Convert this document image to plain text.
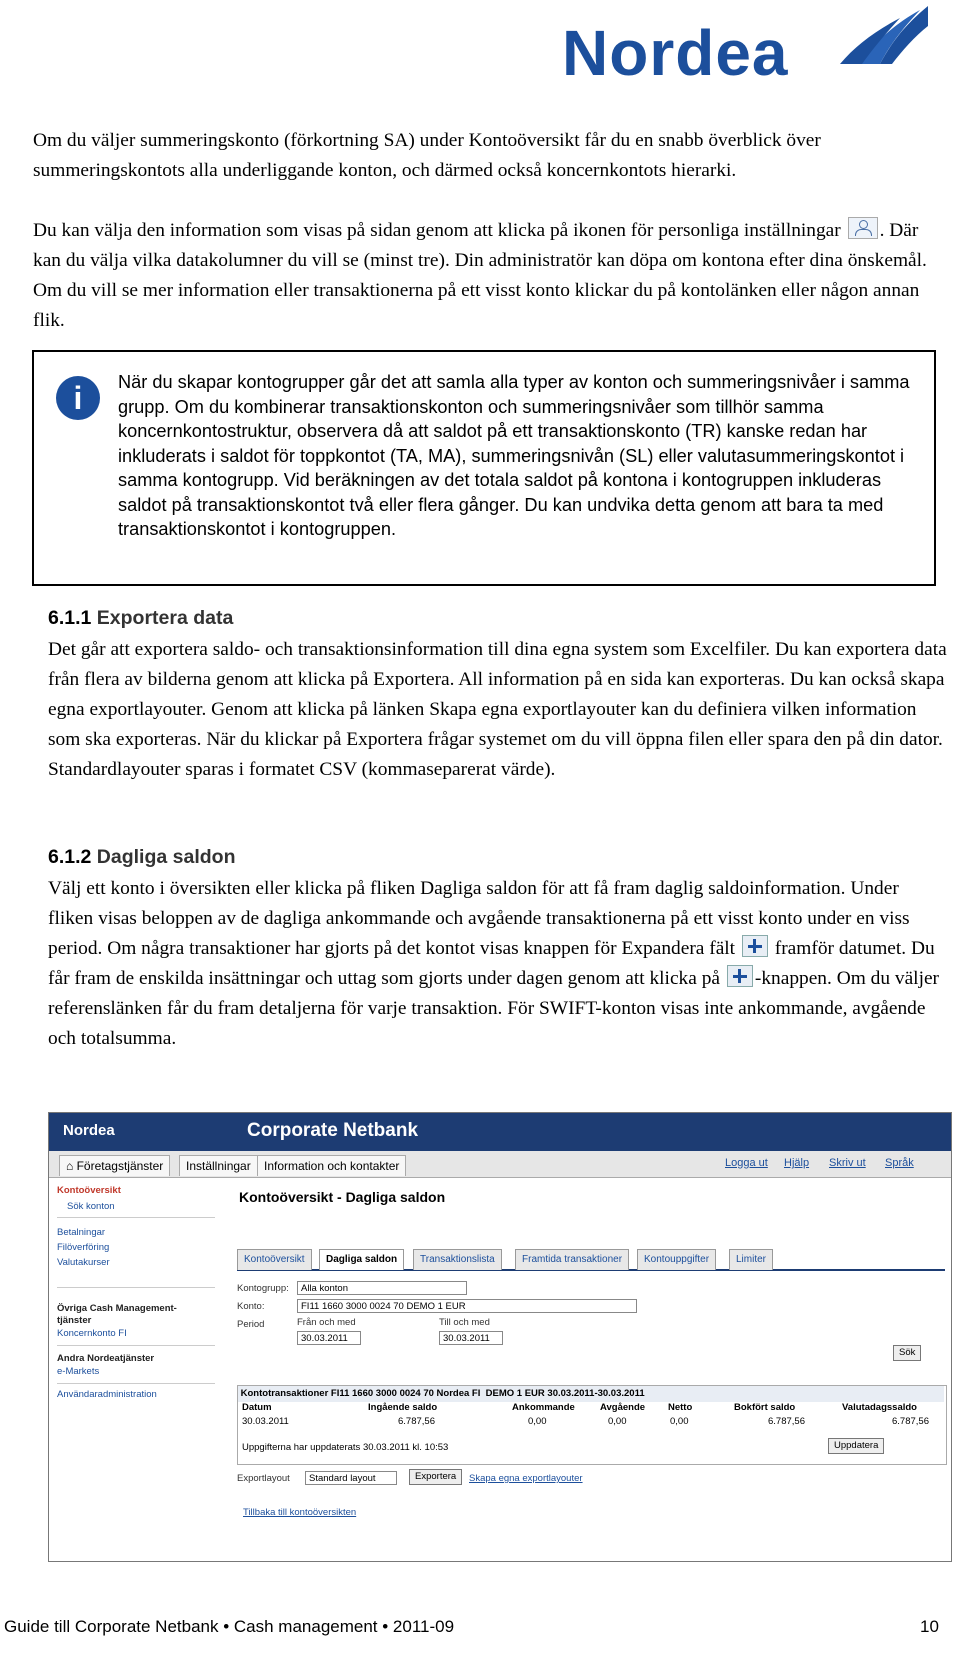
Nordea
Om du väljer summeringskonto (förkortning SA) under Kontoöversikt får du en snabb överblick över summeringskontots alla underliggande konton, och därmed också koncernkontots hierarki.
Du kan välja den information som visas på sidan genom att klicka på ikonen för personliga inställningar
. Där kan du välja vilka datakolumner du vill se (minst tre). Din administratör kan döpa om kontona efter dina önskemål. Om du vill se mer information eller transaktionerna på ett visst konto klickar du på kontolänken eller någon annan flik.
i	När du skapar kontogrupper går det att samla alla typer av konton och summeringsnivåer i samma grupp. Om du kombinerar transaktionskonton och summeringsnivåer som tillhör samma koncernkontostruktur, observera då att saldot på ett transaktionskonto (TR) kanske redan har inkluderats i saldot för toppkontot (TA, MA), summeringsnivån (SL) eller valutasummeringskontot i samma kontogrupp. Vid beräkningen av det totala saldot på kontona i kontogruppen inkluderas saldot på transaktionskontot två eller flera gånger. Du kan undvika detta genom att bara ta med transaktionskontot i kontogruppen.
6.1.1 Exportera data
Det går att exportera saldo- och transaktionsinformation till dina egna system som Excelfiler. Du kan exportera data från flera av bilderna genom att klicka på Exportera. All information på en sida kan exporteras. Du kan också skapa egna exportlayouter. Genom att klicka på länken Skapa egna exportlayouter kan du definiera vilken information som ska exporteras. När du klickar på Exportera frågar systemet om du vill öppna filen eller spara den på din dator. Standardlayouter sparas i formatet CSV (kommaseparerat värde).
6.1.2 Dagliga saldon
Välj ett konto i översikten eller klicka på fliken Dagliga saldon för att få fram daglig saldoinformation. Under fliken visas beloppen av de dagliga ankommande och avgående transaktionerna på ett visst konto under en viss period. Om några transaktioner har gjorts på det kontot visas knappen för Expandera fält  framför datumet. Du får fram de enskilda insättningar och uttag som gjorts under dagen genom att klicka på -knappen. Om du väljer referenslänken får du fram detaljerna för varje transaktion. För SWIFT-konton visas inte ankommande, avgående och totalsumma.
Nordea	Corporate Netbank
⌂ Företagstjänster	Inställningar	Information och kontakter	Logga ut Hjälp Skriv ut Språk
Kontoöversikt
Sök konton
Betalningar
Filöverföring
Valutakurser
Övriga Cash Management-
tjänster
Koncernkonto FI
Andra Nordeatjänster
e-Markets
Användaradministration
Kontoöversikt - Dagliga saldon
Kontoöversikt	Dagliga saldon	Transaktionslista	Framtida transaktioner	Kontouppgifter	Limiter
Kontogrupp:	Alla konton
Konto:	FI11 1660 3000 0024 70 DEMO 1 EUR
Period	Från och med	Till och med
30.03.2011	30.03.2011
Sök
Kontotransaktioner FI11 1660 3000 0024 70 Nordea FI DEMO 1 EUR 30.03.2011-30.03.2011
Datum	Ingående saldo	Ankommande	Avgående Netto	Bokfört saldo	Valutadagssaldo
30.03.2011	6.787,56	0,00	0,00	0,00	6.787,56	6.787,56
Uppgifterna har uppdaterats 30.03.2011 kl. 10:53	Uppdatera
Exportlayout	Standard layout	Exportera	Skapa egna exportlayouter
Tillbaka till kontoöversikten
Guide till Corporate Netbank • Cash management • 2011-09	10
